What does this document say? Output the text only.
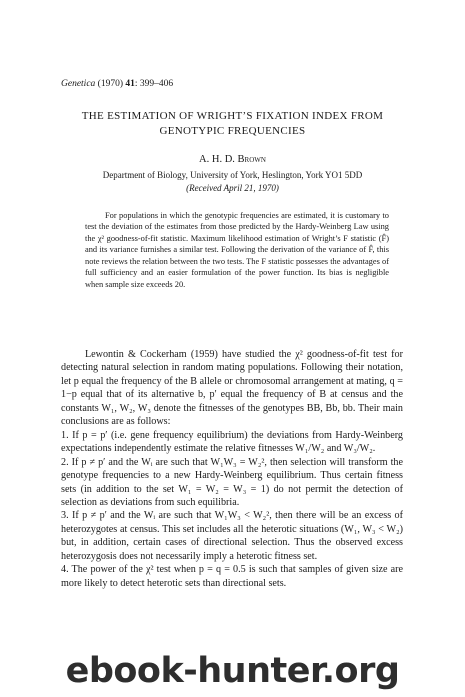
Genetica (1970) 41: 399–406
THE ESTIMATION OF WRIGHT’S FIXATION INDEX FROM
GENOTYPIC FREQUENCIES
A. H. D. Brown
Department of Biology, University of York, Heslington, York YO1 5DD
(Received April 21, 1970)

For populations in which the genotypic frequencies are estimated, it is customary to test the deviation of the estimates from those predicted by the Hardy-Weinberg Law using the χ² goodness-of-fit statistic. Maximum likelihood estimation of Wright’s F statistic (F̂) and its variance furnishes a similar test. Following the derivation of the variance of F̂, this note reviews the relation between the two tests. The F statistic possesses the advantages of full sufficiency and an easier formulation of the power function. Its bias is negligible when sample size exceeds 20.

Lewontin & Cockerham (1959) have studied the χ² goodness-of-fit test for detecting natural selection in random mating populations. Following their notation, let p equal the frequency of the B allele or chromosomal arrangement at mating, q = 1−p equal that of its alternative b, p′ equal the frequency of B at census and the constants W₁, W₂, W₃ denote the fitnesses of the genotypes BB, Bb, bb. Their main conclusions are as follows:

1. If p = p′ (i.e. gene frequency equilibrium) the deviations from Hardy-Weinberg expectations independently estimate the relative fitnesses W₁/W₂ and W₃/W₂.

2. If p ≠ p′ and the Wᵢ are such that W₁W₃ = W₂², then selection will transform the genotype frequencies to a new Hardy-Weinberg equilibrium. Thus certain fitness sets (in addition to the set W₁ = W₂ = W₃ = 1) do not permit the detection of selection as deviations from such equilibria.

3. If p ≠ p′ and the Wᵢ are such that W₁W₃ < W₂², then there will be an excess of heterozygotes at census. This set includes all the heterotic situations (W₁, W₃ < W₂) but, in addition, certain cases of directional selection. Thus the observed excess heterozygosis does not necessarily imply a heterotic fitness set.

4. The power of the χ² test when p = q = 0.5 is such that samples of given size are more likely to detect heterotic sets than directional sets.

ebook-hunter.org
